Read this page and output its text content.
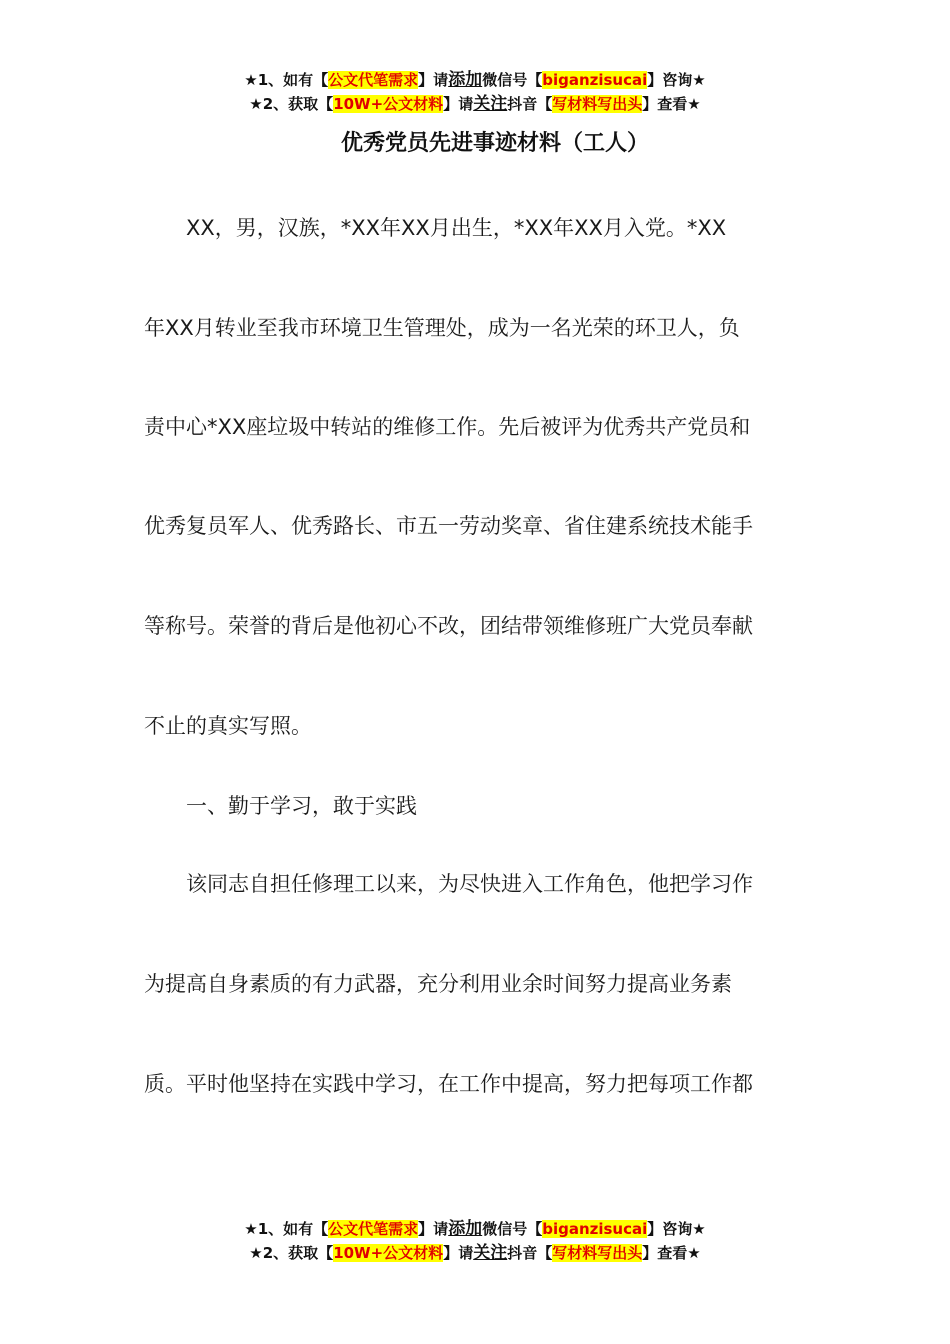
★1、如有【公文代笔需求】请添加微信号【biganzisucai】咨询★
★2、获取【10W+公文材料】请关注抖音【写材料写出头】查看★
优秀党员先进事迹材料（工人）
　　XX，男，汉族，*XX年XX月出生，*XX年XX月入党。*XX
年XX月转业至我市环境卫生管理处，成为一名光荣的环卫人，负
责中心*XX座垃圾中转站的维修工作。先后被评为优秀共产党员和
优秀复员军人、优秀路长、市五一劳动奖章、省住建系统技术能手
等称号。荣誉的背后是他初心不改，团结带领维修班广大党员奉献
不止的真实写照。
　　一、勤于学习，敢于实践
　　该同志自担任修理工以来，为尽快进入工作角色，他把学习作
为提高自身素质的有力武器，充分利用业余时间努力提高业务素
质。平时他坚持在实践中学习，在工作中提高，努力把每项工作都
★1、如有【公文代笔需求】请添加微信号【biganzisucai】咨询★
★2、获取【10W+公文材料】请关注抖音【写材料写出头】查看★
